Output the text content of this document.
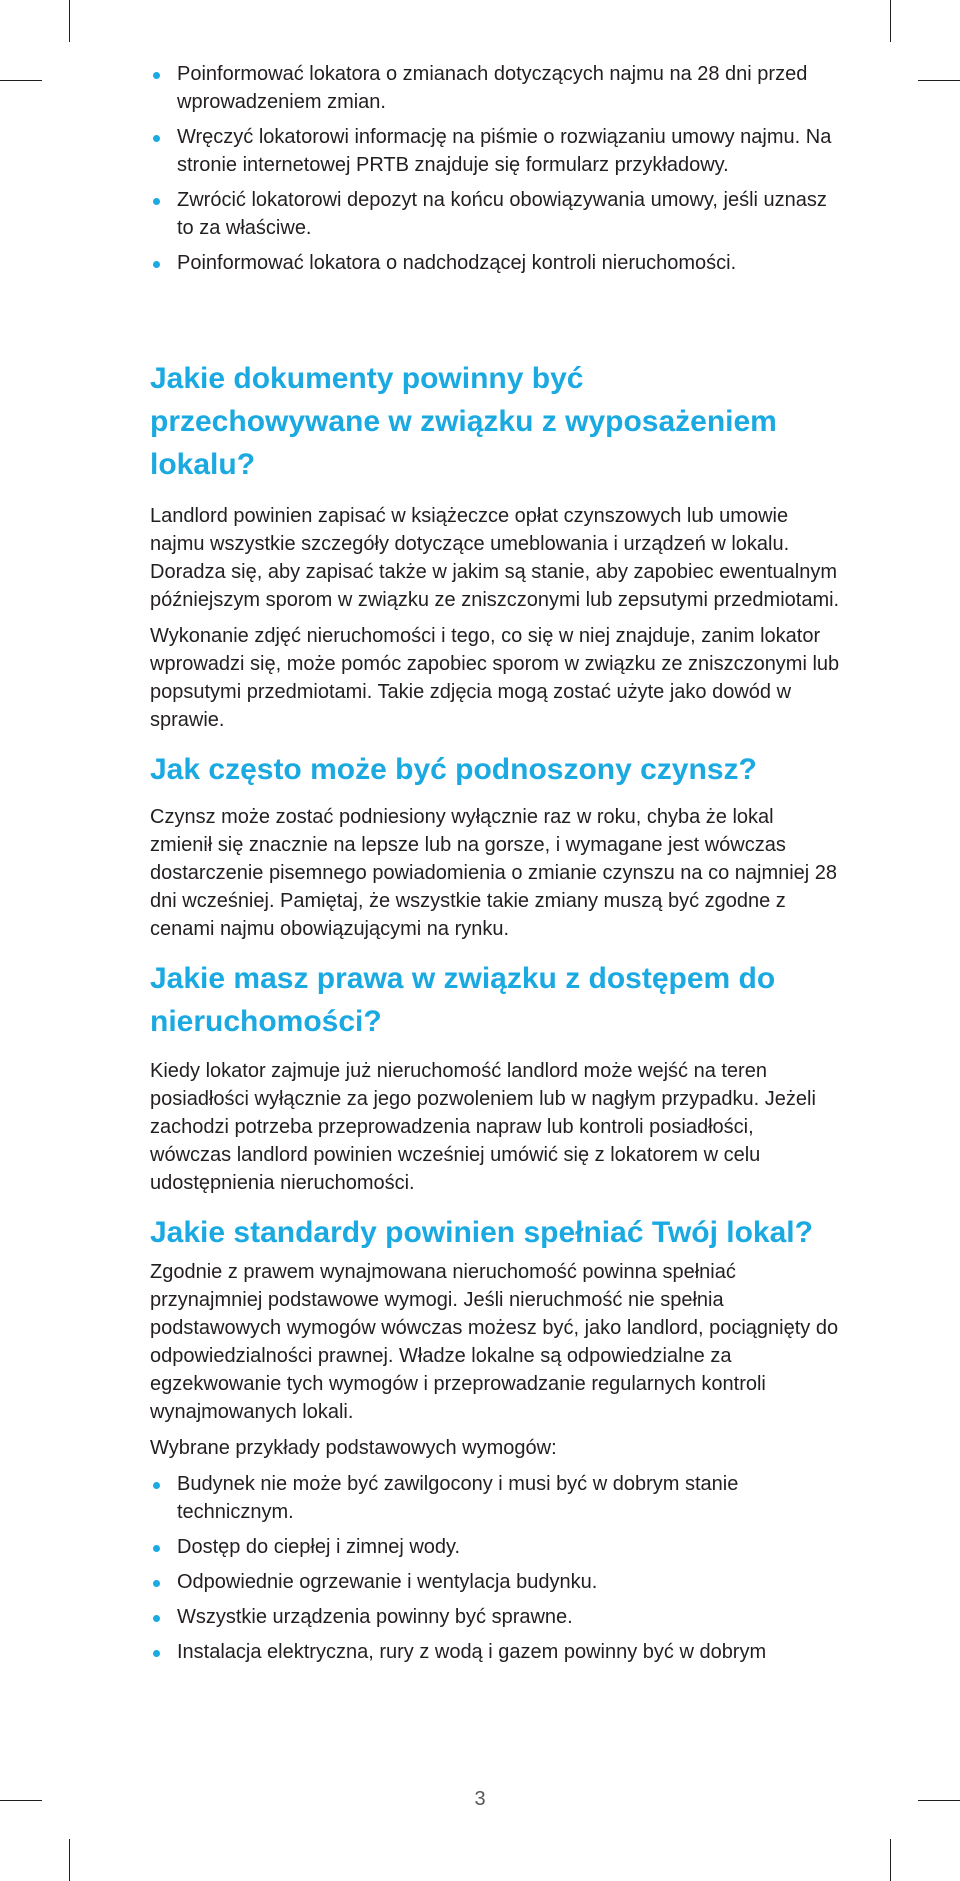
Poinformować lokatora o zmianach dotyczących najmu na 28 dni przed wprowadzeniem zmian.
Wręczyć lokatorowi informację na piśmie o rozwiązaniu umowy najmu. Na stronie internetowej PRTB znajduje się formularz przykładowy.
Zwrócić lokatorowi depozyt na końcu obowiązywania umowy, jeśli uznasz to za właściwe.
Poinformować lokatora o nadchodzącej kontroli nieruchomości.
Jakie dokumenty powinny być przechowywane w związku z wyposażeniem lokalu?

Landlord powinien zapisać w książeczce opłat czynszowych lub umowie najmu wszystkie szczegóły dotyczące umeblowania i urządzeń w lokalu. Doradza się, aby zapisać także w jakim są stanie, aby zapobiec ewentualnym późniejszym sporom w związku ze zniszczonymi lub zepsutymi przedmiotami.

Wykonanie zdjęć nieruchomości i tego, co się w niej znajduje, zanim lokator wprowadzi się, może pomóc zapobiec sporom w związku ze zniszczonymi lub popsutymi przedmiotami. Takie zdjęcia mogą zostać użyte jako dowód w sprawie.

Jak często może być podnoszony czynsz?

Czynsz może zostać podniesiony wyłącznie raz w roku, chyba że lokal zmienił się znacznie na lepsze lub na gorsze, i wymagane jest wówczas dostarczenie pisemnego powiadomienia o zmianie czynszu na co najmniej 28 dni wcześniej. Pamiętaj, że wszystkie takie zmiany muszą być zgodne z cenami najmu obowiązującymi na rynku.

Jakie masz prawa w związku z dostępem do nieruchomości?

Kiedy lokator zajmuje już nieruchomość landlord może wejść na teren posiadłości wyłącznie za jego pozwoleniem lub w nagłym przypadku. Jeżeli zachodzi potrzeba przeprowadzenia napraw lub kontroli posiadłości, wówczas landlord powinien wcześniej umówić się z lokatorem w celu udostępnienia nieruchomości.

Jakie standardy powinien spełniać Twój lokal?

Zgodnie z prawem wynajmowana nieruchomość powinna spełniać przynajmniej podstawowe wymogi. Jeśli nieruchmość nie spełnia podstawowych wymogów wówczas możesz być, jako landlord, pociągnięty do odpowiedzialności prawnej. Władze lokalne są odpowiedzialne za egzekwowanie tych wymogów i przeprowadzanie regularnych kontroli wynajmowanych lokali.

Wybrane przykłady podstawowych wymogów:

Budynek nie może być zawilgocony i musi być w dobrym stanie technicznym.
Dostęp do ciepłej i zimnej wody.
Odpowiednie ogrzewanie i wentylacja budynku.
Wszystkie urządzenia powinny być sprawne.
Instalacja elektryczna, rury z wodą i gazem powinny być w dobrym
3
